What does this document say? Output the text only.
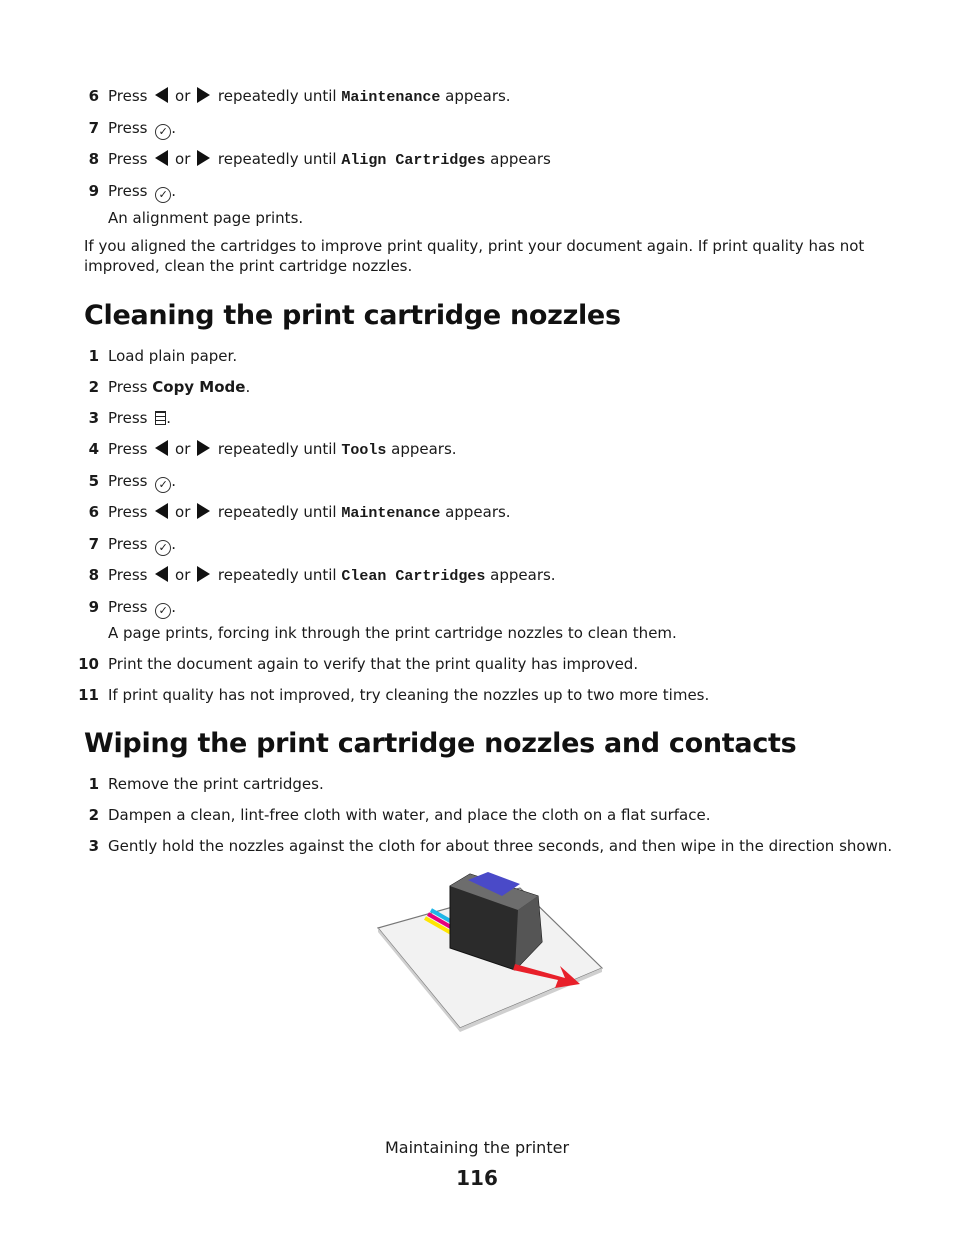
6 Press  or  repeatedly until Maintenance appears.
7 Press ✓ .
8 Press  or  repeatedly until Align Cartridges appears
9 Press ✓ .
An alignment page prints.
If you aligned the cartridges to improve print quality, print your document again. If print quality has not improved, clean the print cartridge nozzles.
Cleaning the print cartridge nozzles
1 Load plain paper.
2 Press Copy Mode.
3 Press .
4 Press  or  repeatedly until Tools appears.
5 Press ✓ .
6 Press  or  repeatedly until Maintenance appears.
7 Press ✓ .
8 Press  or  repeatedly until Clean Cartridges appears.
9 Press ✓ .
A page prints, forcing ink through the print cartridge nozzles to clean them.
10 Print the document again to verify that the print quality has improved.
11 If print quality has not improved, try cleaning the nozzles up to two more times.
Wiping the print cartridge nozzles and contacts
1 Remove the print cartridges.
2 Dampen a clean, lint-free cloth with water, and place the cloth on a flat surface.
3 Gently hold the nozzles against the cloth for about three seconds, and then wipe in the direction shown.
Maintaining the printer
116
